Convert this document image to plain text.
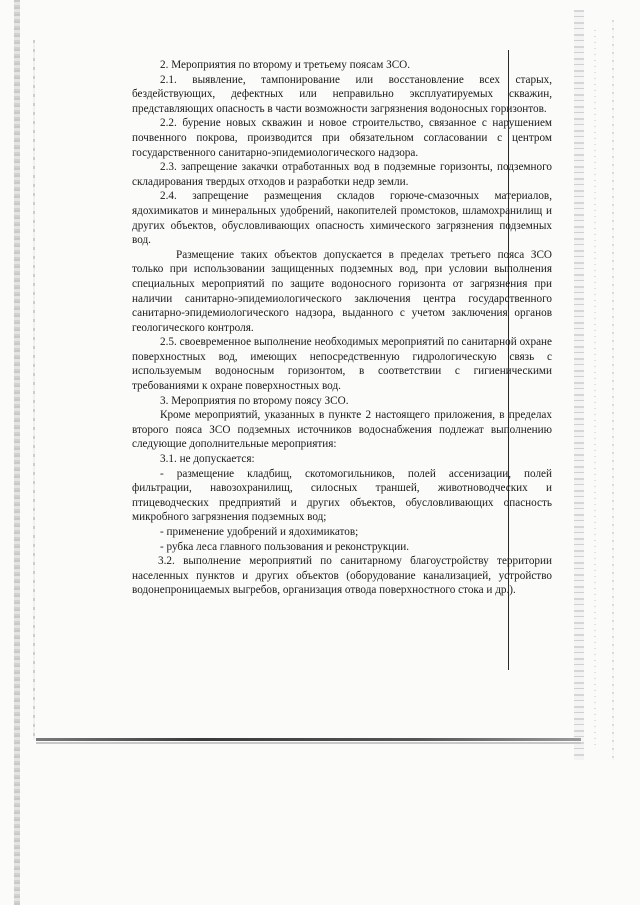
2. Мероприятия по второму и третьему поясам ЗСО.

2.1. выявление, тампонирование или восстановление всех старых, бездействующих, дефектных или неправильно эксплуатируемых скважин, представляющих опасность в части возможности загрязнения водоносных горизонтов.

2.2. бурение новых скважин и новое строительство, связанное с нарушением почвенного покрова, производится при обязательном согласовании с центром государственного санитарно-эпидемиологического надзора.

2.3. запрещение закачки отработанных вод в подземные горизонты, подземного складирования твердых отходов и разработки недр земли.

2.4. запрещение размещения складов горюче-смазочных материалов, ядохимикатов и минеральных удобрений, накопителей промстоков, шламохранилищ и других объектов, обусловливающих опасность химического загрязнения подземных вод.

Размещение таких объектов допускается в пределах третьего пояса ЗСО только при использовании защищенных подземных вод, при условии выполнения специальных мероприятий по защите водоносного горизонта от загрязнения при наличии санитарно-эпидемиологического заключения центра государственного санитарно-эпидемиологического надзора, выданного с учетом заключения органов геологического контроля.

2.5. своевременное выполнение необходимых мероприятий по санитарной охране поверхностных вод, имеющих непосредственную гидрологическую связь с используемым водоносным горизонтом, в соответствии с гигиеническими требованиями к охране поверхностных вод.

3. Мероприятия по второму поясу ЗСО.

Кроме мероприятий, указанных в пункте 2 настоящего приложения, в пределах второго пояса ЗСО подземных источников водоснабжения подлежат выполнению следующие дополнительные мероприятия:

3.1. не допускается:

- размещение кладбищ, скотомогильников, полей ассенизации, полей фильтрации, навозохранилищ, силосных траншей, животноводческих и птицеводческих предприятий и других объектов, обусловливающих опасность микробного загрязнения подземных вод;

- применение удобрений и ядохимикатов;

- рубка леса главного пользования и реконструкции.

3.2. выполнение мероприятий по санитарному благоустройству территории населенных пунктов и других объектов (оборудование канализацией, устройство водонепроницаемых выгребов, организация отвода поверхностного стока и др.).
